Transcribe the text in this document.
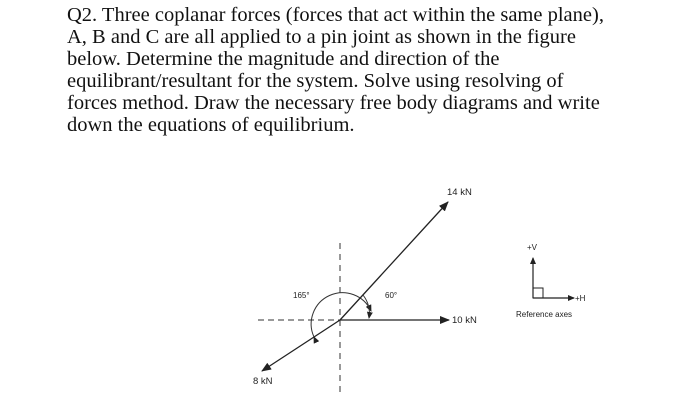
Q2. Three coplanar forces (forces that act within the same plane),
A, B and C are all applied to a pin joint as shown in the figure
below. Determine the magnitude and direction of the
equilibrant/resultant for the system. Solve using resolving of
forces method. Draw the necessary free body diagrams and write
down the equations of equilibrium.
14 kN
10 kN
8 kN
165°	60°
+V
+H
Reference axes
